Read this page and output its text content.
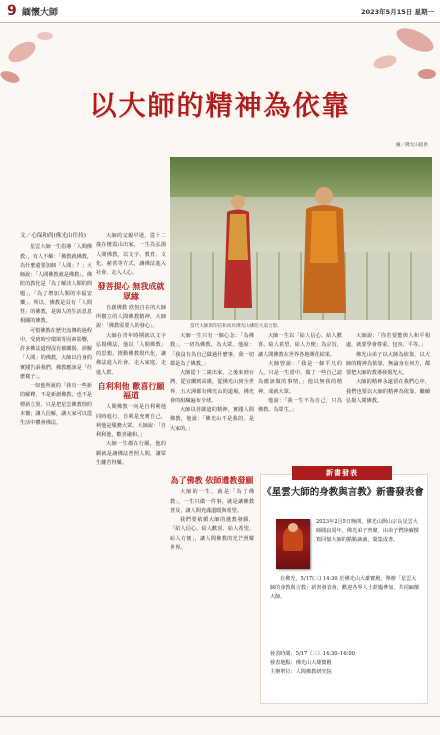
9 緬懷大師	2023年5月15日 星期一
以大師的精神為依靠
圖／佛光山提供
當代大師與印信和尚於佛光山佛陀大道合影。
文／心保和尚(佛光山住持)

星雲大師一生倡導「人間佛教」，有人不解：「佛教就佛教，為什麼還要加個「人間」？」大師說：「人間佛教就是佛教」。佛陀的教化是「為了解決人類的問題」，「為了增加人類的幸福安樂」。所以，佛教是具有「人間性」的佛教，是與人的生活息息相關的佛教。

可惜佛教在歷史流傳的過程中，受到時空環境等因素影響，許多佛法道理沒有被闡揚，誤解「人間」的佛教，大師以自身的實踐告訴我們，佛教應該是「什麼樣子」。

一如他所說的「我有一些新的解釋，不是新創佛教，也不是標新立異，只是把星雲佛教理的本懷」讓人信解，讓大家可以從生活中體會佛法。

大師的父親早逝，從十二歲在棲霞山出家，一生為弘揚人間佛教，以文字、教育、文化、慈善等方式，讓佛法進入社會、走入人心。

發菩提心 無我成就眾緣

自創佛教 欣悅自在的大師所樹立的人間佛教精神，大師說：「佛教需要人的發心」。

大師在青年時期就以文字弘揚佛法，他以「人間佛教」的思想，推動佛教現代化，讓佛法進入社會、走入家庭、走進人群。

自利利他 歡喜行願福道

人間佛教一向是自利利他同時進行，自利是充實自己，利他是服務大眾。大師說：「自利利他，歡喜融和。」

大師一生都在行願，他的願就是讓佛法普照人間，讓眾生離苦得樂。

大師一生只有一個心念：「為佛教」，一切為佛教、為大眾。他說：「我沒有為自己做過什麼事，我一切都是為了佛教。」

大師從十二歲出家，之後來到台灣，從宜蘭到高雄，從佛光山到全世界，五大洲都有佛光山的道場，佛光會的組織遍布全球。

大師以菩薩道的精神，實踐人間佛教，他說：「佛光山不是我的，是大家的。」

大師一生以「給人信心、給人歡喜、給人希望、給人方便」為宗旨，讓人間佛教在世界各地開花結果。

大師曾說：「我是一個平凡的人，只是一生當中，做了一些自己認為應該做的事情。」他以無我的精神，成就大眾。

他說：「我一生不為自己，只為佛教、為眾生。」

大師說：「你若要能與人和平相處，就要學會尊重、包容、平等。」

佛光山弟子以大師為依靠，以大師的精神為依靠，無論身在何方，都要把大師的教導發揚光大。

大師的精神永遠留在我們心中，我們也要以大師的精神為依靠，繼續弘揚人間佛教。

為了佛教 依師遺教發願

大師的一生，就是「為了佛教」，一生只做一件事，就是讓佛教普及，讓人間充滿溫暖與希望。

我們要依循大師的遺教發願，「給人信心、給人歡喜、給人希望、給人方便」，讓人間佛教的光芒照耀世界。

新書發表
《星雲大師的身教與言教》新書發表會
2023年2月5日晚間，佛光山開山宗長星雲大師圓寂周年，佛光弟子齊聚，由弟子們陸續撰寫回憶大師的點點滴滴，彙集成書。
在佛光，5/17(三) 14:30 於佛光山大雄寶殿，舉辦「星雲大師的身教與言教」新書發表會，歡迎各界人士蒞臨參加，共同緬懷大師。
發表時間：5/17（三）14:30–16:00
發表地點：佛光山大雄寶殿
主辦單位：人間佛教研究院
